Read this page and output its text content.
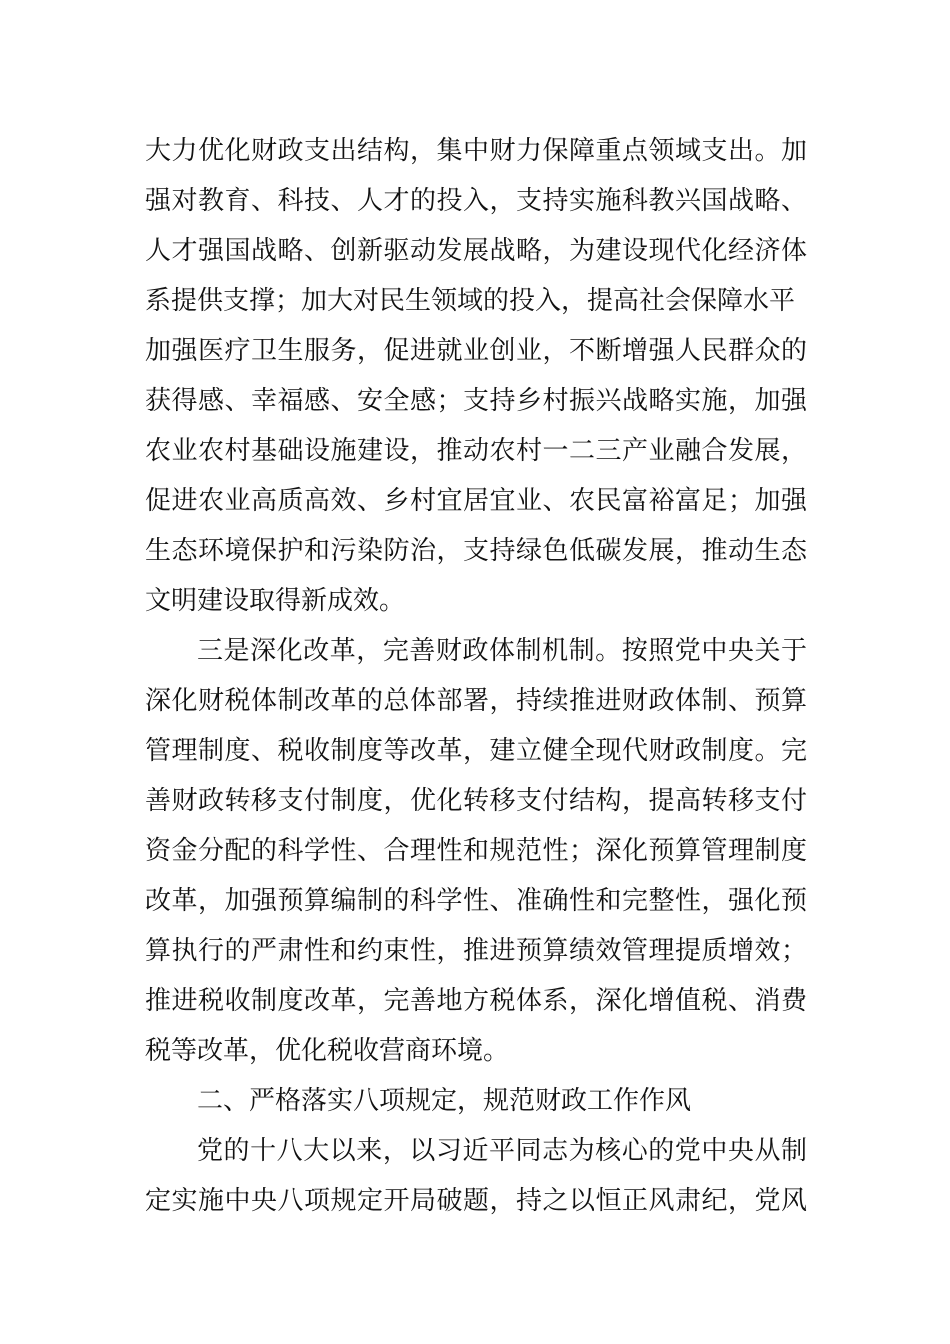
大力优化财政支出结构，集中财力保障重点领域支出。加
强对教育、科技、人才的投入，支持实施科教兴国战略、
人才强国战略、创新驱动发展战略，为建设现代化经济体
系提供支撑；加大对民生领域的投入，提高社会保障水平
加强医疗卫生服务，促进就业创业，不断增强人民群众的
获得感、幸福感、安全感；支持乡村振兴战略实施，加强
农业农村基础设施建设，推动农村一二三产业融合发展，
促进农业高质高效、乡村宜居宜业、农民富裕富足；加强
生态环境保护和污染防治，支持绿色低碳发展，推动生态
文明建设取得新成效。
三是深化改革，完善财政体制机制。按照党中央关于
深化财税体制改革的总体部署，持续推进财政体制、预算
管理制度、税收制度等改革，建立健全现代财政制度。完
善财政转移支付制度，优化转移支付结构，提高转移支付
资金分配的科学性、合理性和规范性；深化预算管理制度
改革，加强预算编制的科学性、准确性和完整性，强化预
算执行的严肃性和约束性，推进预算绩效管理提质增效；
推进税收制度改革，完善地方税体系，深化增值税、消费
税等改革，优化税收营商环境。
二、严格落实八项规定，规范财政工作作风
党的十八大以来，以习近平同志为核心的党中央从制
定实施中央八项规定开局破题，持之以恒正风肃纪，党风
